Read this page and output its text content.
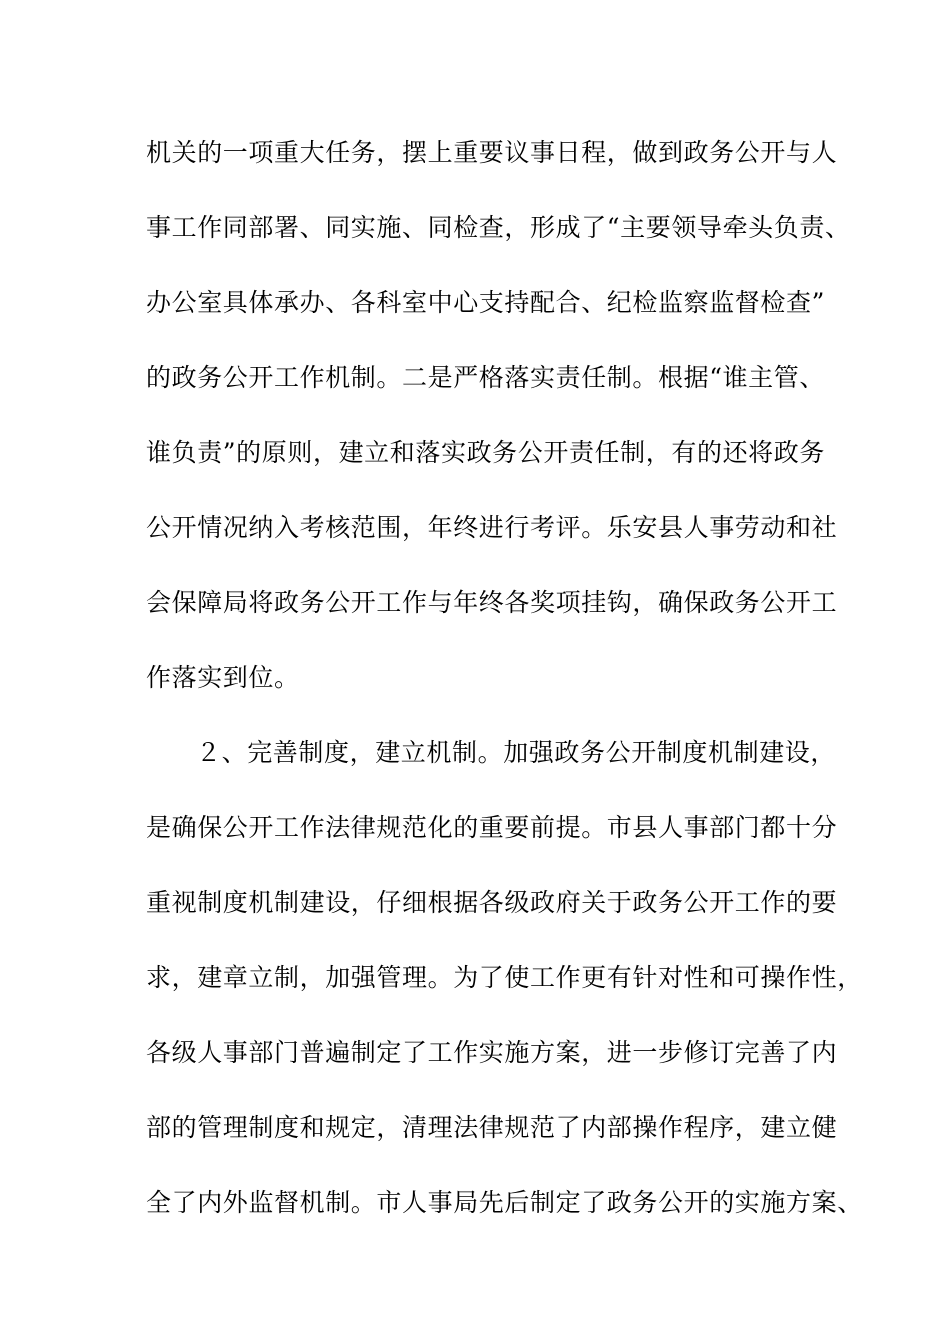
机关的一项重大任务，摆上重要议事日程，做到政务公开与人
事工作同部署、同实施、同检查，形成了“主要领导牵头负责、
办公室具体承办、各科室中心支持配合、纪检监察监督检查”
的政务公开工作机制。二是严格落实责任制。根据“谁主管、
谁负责”的原则，建立和落实政务公开责任制，有的还将政务
公开情况纳入考核范围，年终进行考评。乐安县人事劳动和社
会保障局将政务公开工作与年终各奖项挂钩，确保政务公开工
作落实到位。
２、完善制度，建立机制。加强政务公开制度机制建设，
是确保公开工作法律规范化的重要前提。市县人事部门都十分
重视制度机制建设，仔细根据各级政府关于政务公开工作的要
求，建章立制，加强管理。为了使工作更有针对性和可操作性，
各级人事部门普遍制定了工作实施方案，进一步修订完善了内
部的管理制度和规定，清理法律规范了内部操作程序，建立健
全了内外监督机制。市人事局先后制定了政务公开的实施方案、
